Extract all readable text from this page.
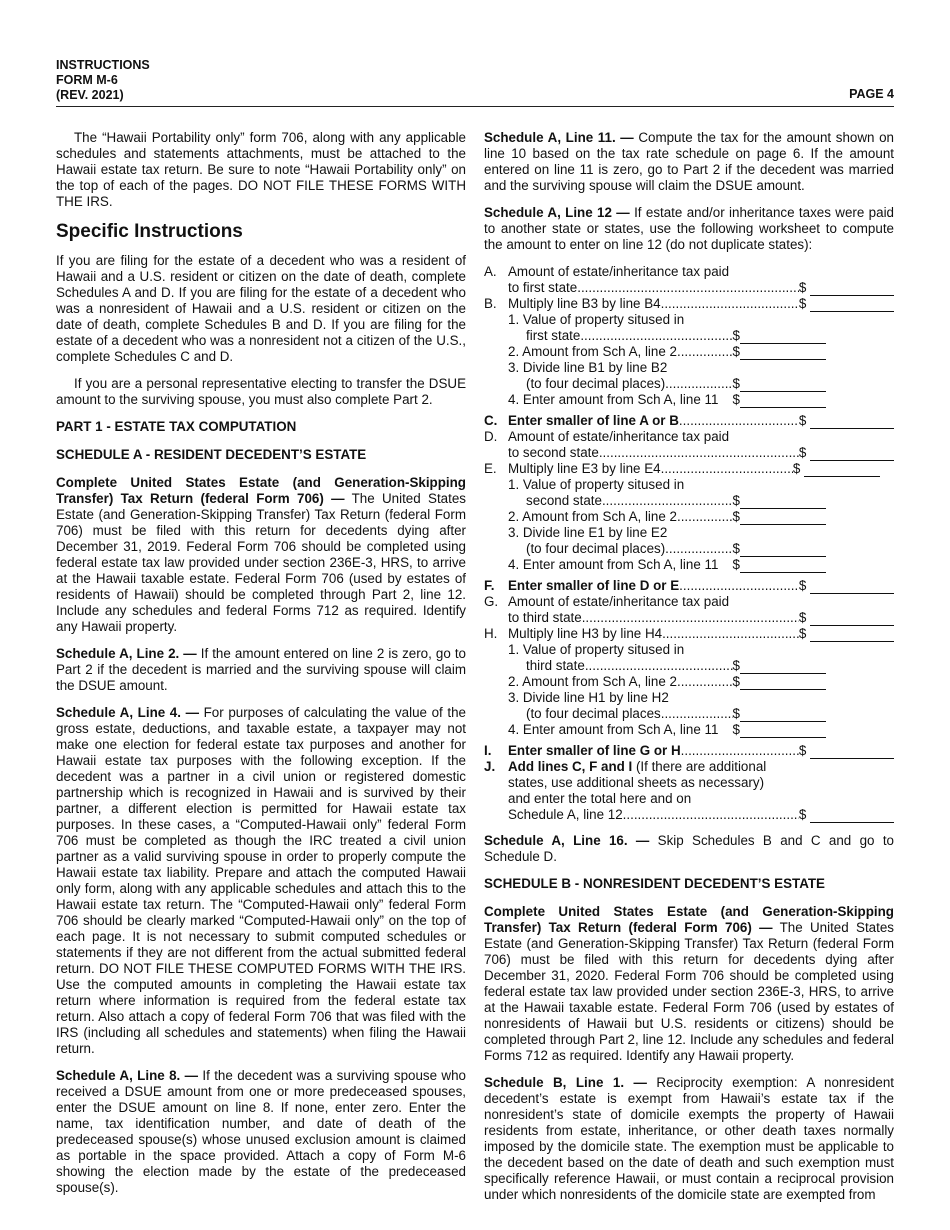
INSTRUCTIONS
FORM M-6
(REV. 2021)	PAGE 4

The “Hawaii Portability only” form 706, along with any applicable schedules and statements attachments, must be attached to the Hawaii estate tax return. Be sure to note “Hawaii Portability only” on the top of each of the pages. DO NOT FILE THESE FORMS WITH THE IRS.

Specific Instructions

If you are filing for the estate of a decedent who was a resident of Hawaii and a U.S. resident or citizen on the date of death, complete Schedules A and D. If you are filing for the estate of a decedent who was a nonresident of Hawaii and a U.S. resident or citizen on the date of death, complete Schedules B and D. If you are filing for the estate of a decedent who was a nonresident not a citizen of the U.S., complete Schedules C and D.

If you are a personal representative electing to transfer the DSUE amount to the surviving spouse, you must also complete Part 2.

PART 1 - ESTATE TAX COMPUTATION
SCHEDULE A - RESIDENT DECEDENT’S ESTATE

Complete United States Estate (and Generation-Skipping Transfer) Tax Return (federal Form 706) — The United States Estate (and Generation-Skipping Transfer) Tax Return (federal Form 706) must be filed with this return for decedents dying after December 31, 2019. Federal Form 706 should be completed using federal estate tax law provided under section 236E-3, HRS, to arrive at the Hawaii taxable estate. Federal Form 706 (used by estates of residents of Hawaii) should be completed through Part 2, line 12. Include any schedules and federal Forms 712 as required. Identify any Hawaii property.

Schedule A, Line 2. — If the amount entered on line 2 is zero, go to Part 2 if the decedent is married and the surviving spouse will claim the DSUE amount.

Schedule A, Line 4. — For purposes of calculating the value of the gross estate, deductions, and taxable estate, a taxpayer may not make one election for federal estate tax purposes and another for Hawaii estate tax purposes with the following exception. If the decedent was a partner in a civil union or registered domestic partnership which is recognized in Hawaii and is survived by their partner, a different election is permitted for Hawaii estate tax purposes. In these cases, a “Computed-Hawaii only” federal Form 706 must be completed as though the IRC treated a civil union partner as a valid surviving spouse in order to properly compute the Hawaii estate tax liability. Prepare and attach the computed Hawaii only form, along with any applicable schedules and attach this to the Hawaii estate tax return. The “Computed-Hawaii only” federal Form 706 should be clearly marked “Computed-Hawaii only” on the top of each page. It is not necessary to submit computed schedules or statements if they are not different from the actual submitted federal return. DO NOT FILE THESE COMPUTED FORMS WITH THE IRS. Use the computed amounts in completing the Hawaii estate tax return where information is required from the federal estate tax return. Also attach a copy of federal Form 706 that was filed with the IRS (including all schedules and statements) when filing the Hawaii return.

Schedule A, Line 8. — If the decedent was a surviving spouse who received a DSUE amount from one or more predeceased spouses, enter the DSUE amount on line 8. If none, enter zero. Enter the name, tax identification number, and date of death of the predeceased spouse(s) whose unused exclusion amount is claimed as portable in the space provided. Attach a copy of Form M-6 showing the election made by the estate of the predeceased spouse(s).

Schedule A, Line 11. — Compute the tax for the amount shown on line 10 based on the tax rate schedule on page 6. If the amount entered on line 11 is zero, go to Part 2 if the decedent was married and the surviving spouse will claim the DSUE amount.

Schedule A, Line 12 — If estate and/or inheritance taxes were paid to another state or states, use the following worksheet to compute the amount to enter on line 12 (do not duplicate states):

A. Amount of estate/inheritance tax paid
to first state .....	$
B. Multiply line B3 by line B4 .....	$
1. Value of property sitused in
first state .....	$
2. Amount from Sch A, line 2 .....	$
3. Divide line B1 by line B2
(to four decimal places) .....	$
4. Enter amount from Sch A, line 11 $
C. Enter smaller of line A or B .....	$
D. Amount of estate/inheritance tax paid
to second state .....	$
E. Multiply line E3 by line E4 .....	$
1. Value of property sitused in
second state .....	$
2. Amount from Sch A, line 2 .....	$
3. Divide line E1 by line E2
(to four decimal places) .....	$
4. Enter amount from Sch A, line 11 $
F.	Enter smaller of line D or E .....	$
G. Amount of estate/inheritance tax paid
to third state .....	$
H. Multiply line H3 by line H4 .....	$
1. Value of property sitused in
third state .....	$
2. Amount from Sch A, line 2 .....	$
3. Divide line H1 by line H2
(to four decimal places .....	$
4. Enter amount from Sch A, line 11 $
I.	Enter smaller of line G or H .....	$
J. Add lines C, F and I (If there are additional
states, use additional sheets as necessary)
and enter the total here and on
Schedule A, line 12 .....	$

Schedule A, Line 16. — Skip Schedules B and C and go to Schedule D.

SCHEDULE B - NONRESIDENT DECEDENT’S ESTATE

Complete United States Estate (and Generation-Skipping Transfer) Tax Return (federal Form 706) — The United States Estate (and Generation-Skipping Transfer) Tax Return (federal Form 706) must be filed with this return for decedents dying after December 31, 2020. Federal Form 706 should be completed using federal estate tax law provided under section 236E-3, HRS, to arrive at the Hawaii taxable estate. Federal Form 706 (used by estates of nonresidents of Hawaii but U.S. residents or citizens) should be completed through Part 2, line 12. Include any schedules and federal Forms 712 as required. Identify any Hawaii property.

Schedule B, Line 1. — Reciprocity exemption: A nonresident decedent’s estate is exempt from Hawaii’s estate tax if the nonresident’s state of domicile exempts the property of Hawaii residents from estate, inheritance, or other death taxes normally imposed by the domicile state. The exemption must be applicable to the decedent based on the date of death and such exemption must specifically reference Hawaii, or must contain a reciprocal provision under which nonresidents of the domicile state are exempted from
